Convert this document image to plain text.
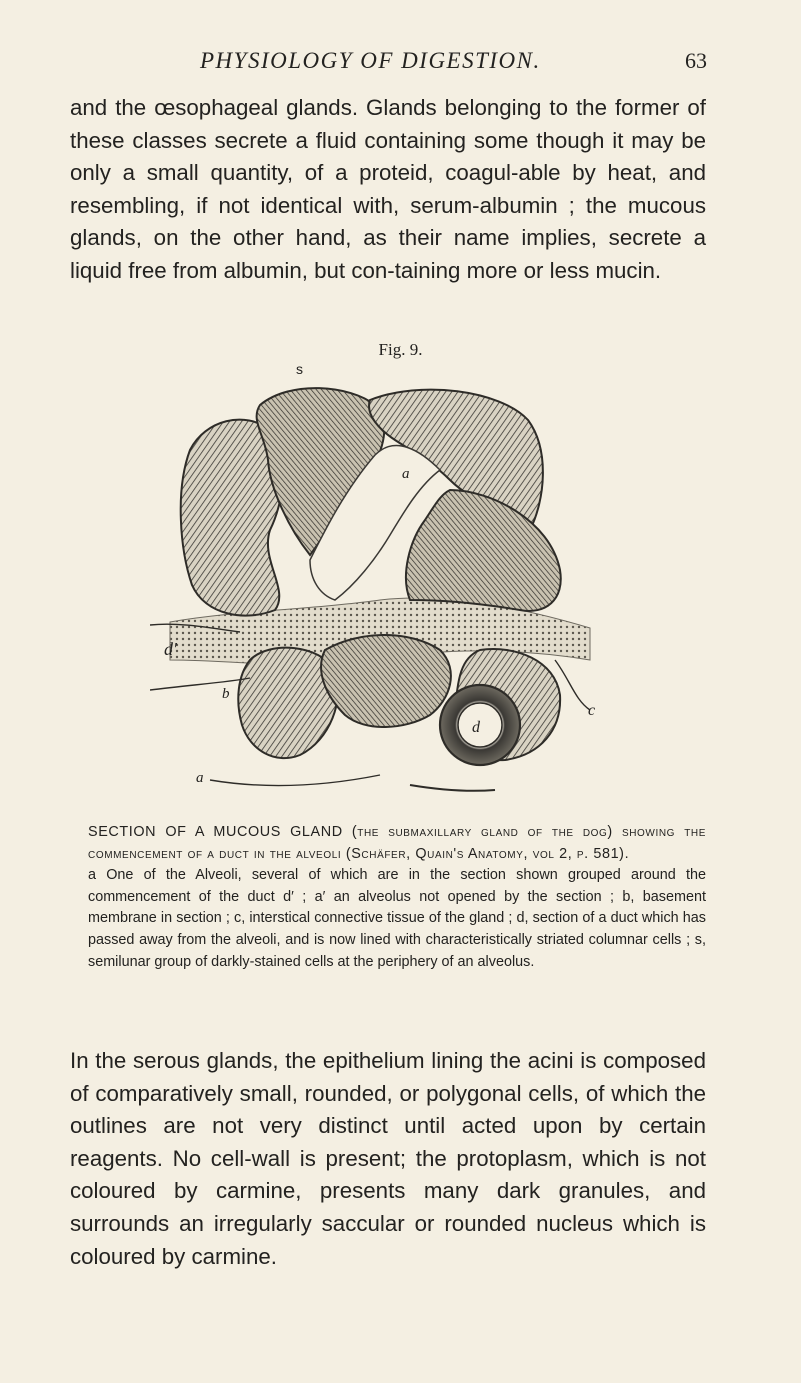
PHYSIOLOGY OF DIGESTION.	63

and the œsophageal glands. Glands belonging to the former of these classes secrete a fluid containing some though it may be only a small quantity, of a proteid, coagul-able by heat, and resembling, if not identical with, serum-albumin ; the mucous glands, on the other hand, as their name implies, secrete a liquid free from albumin, but con-taining more or less mucin.

Fig. 9.
s
a
d′
b
c
d
a

SECTION OF A MUCOUS GLAND (the submaxillary gland of the dog) showing the commencement of a duct in the alveoli (Schäfer, Quain's Anatomy, vol 2, p. 581).

a One of the Alveoli, several of which are in the section shown grouped around the commencement of the duct d′ ; a′ an alveolus not opened by the section ; b, basement membrane in section ; c, interstical connective tissue of the gland ; d, section of a duct which has passed away from the alveoli, and is now lined with characteristically striated columnar cells ; s, semilunar group of darkly-stained cells at the periphery of an alveolus.

In the serous glands, the epithelium lining the acini is composed of comparatively small, rounded, or polygonal cells, of which the outlines are not very distinct until acted upon by certain reagents. No cell-wall is present; the protoplasm, which is not coloured by carmine, presents many dark granules, and surrounds an irregularly saccular or rounded nucleus which is coloured by carmine.
